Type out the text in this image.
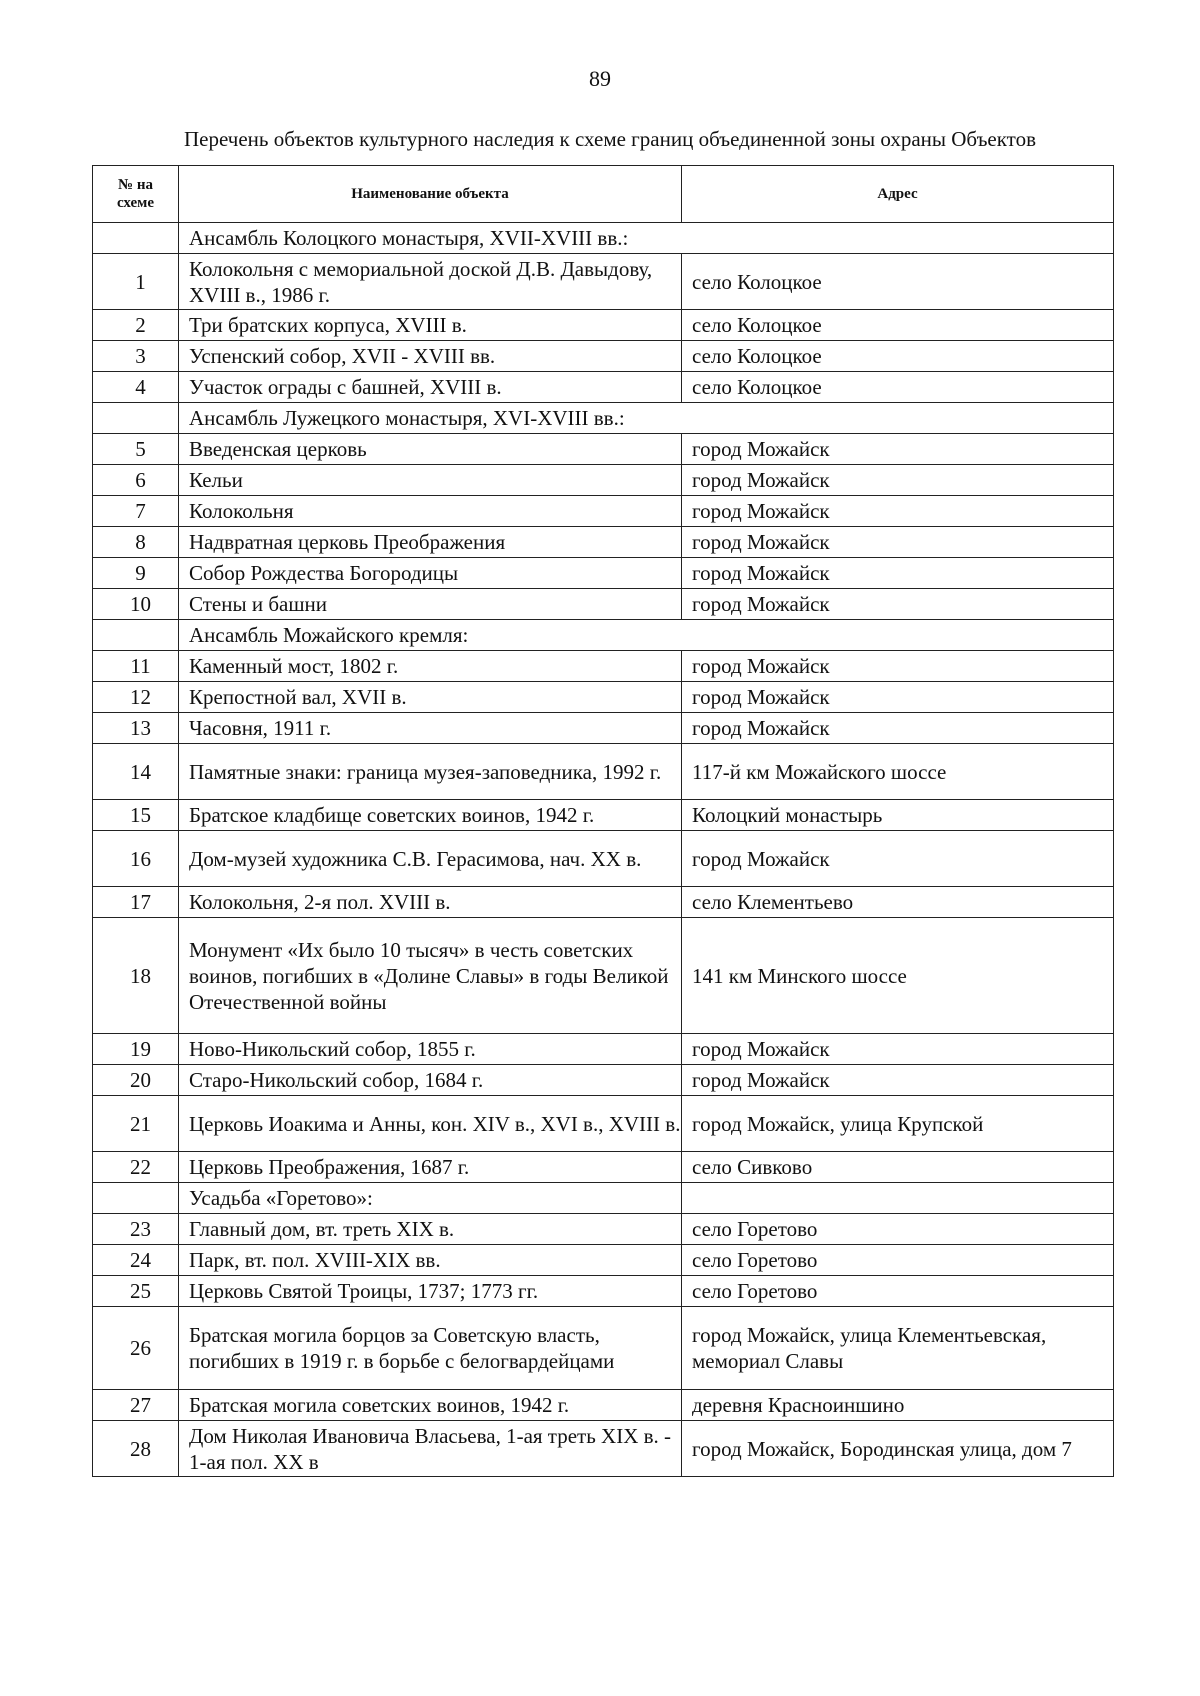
89
Перечень объектов культурного наследия к схеме границ объединенной зоны охраны Объектов
№ на схеме	Наименование объекта	Адрес
	Ансамбль Колоцкого монастыря, XVII-XVIII вв.:	
1	Колокольня с мемориальной доской Д.В. Давыдову, XVIII в., 1986 г.	село Колоцкое
2	Три братских корпуса, XVIII в.	село Колоцкое
3	Успенский собор, XVII - XVIII вв.	село Колоцкое
4	Участок ограды с башней, XVIII в.	село Колоцкое
	Ансамбль Лужецкого монастыря, XVI-XVIII вв.:	
5	Введенская церковь	город Можайск
6	Кельи	город Можайск
7	Колокольня	город Можайск
8	Надвратная церковь Преображения	город Можайск
9	Собор Рождества Богородицы	город Можайск
10	Стены и башни	город Можайск
	Ансамбль Можайского кремля:	
11	Каменный мост, 1802 г.	город Можайск
12	Крепостной вал, XVII в.	город Можайск
13	Часовня, 1911 г.	город Можайск
14	Памятные знаки: граница музея-заповедника, 1992 г.	117-й км Можайского шоссе
15	Братское кладбище советских воинов, 1942 г.	Колоцкий монастырь
16	Дом-музей художника С.В. Герасимова, нач. XX в.	город Можайск
17	Колокольня, 2-я пол. XVIII в.	село Клементьево
18	Монумент «Их было 10 тысяч» в честь советских воинов, погибших в «Долине Славы» в годы Великой Отечественной войны	141 км Минского шоссе
19	Ново-Никольский собор, 1855 г.	город Можайск
20	Старо-Никольский собор, 1684 г.	город Можайск
21	Церковь Иоакима и Анны, кон. XIV в., XVI в., XVIII в.	город Можайск, улица Крупской
22	Церковь Преображения, 1687 г.	село Сивково
	Усадьба «Горетово»:	
23	Главный дом, вт. треть XIX в.	село Горетово
24	Парк, вт. пол. XVIII-XIX вв.	село Горетово
25	Церковь Святой Троицы, 1737; 1773 гг.	село Горетово
26	Братская могила борцов за Советскую власть, погибших в 1919 г. в борьбе с белогвардейцами	город Можайск, улица Клементьевская, мемориал Славы
27	Братская могила советских воинов, 1942 г.	деревня Красноиншино
28	Дом Николая Ивановича Власьева, 1-ая треть XIX в. - 1-ая пол. XX в	город Можайск, Бородинская улица, дом 7
